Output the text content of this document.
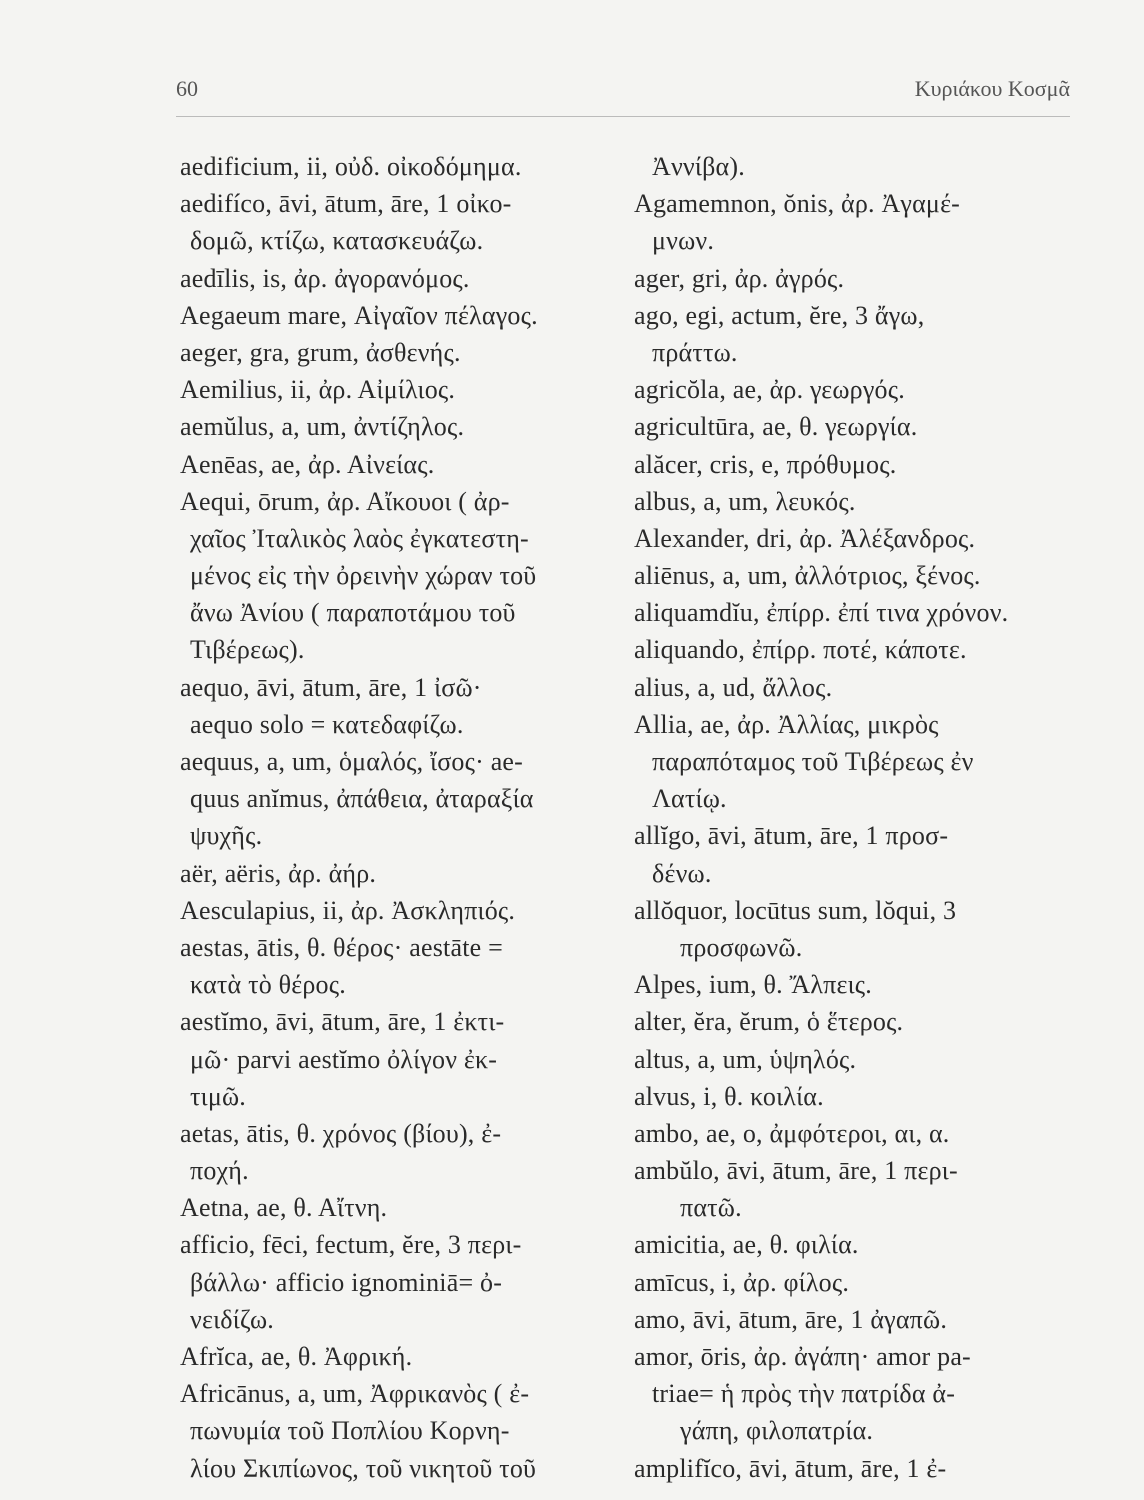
60	Κυριάκου Κοσμᾶ
aedificium, ii, οὐδ. οἰκοδόμημα.
aedifíco, āvi, ātum, āre, 1 οἰκο-
δομῶ, κτίζω, κατασκευάζω.
aedīlis, is, ἀρ. ἀγορανόμος.
Aegaeum mare, Αἰγαῖον πέλαγος.
aeger, gra, grum, ἀσθενής.
Aemilius, ii, ἀρ. Αἰμίλιος.
aemŭlus, a, um, ἀντίζηλος.
Aenēas, ae, ἀρ. Αἰνείας.
Aequi, ōrum, ἀρ. Αἴκουοι ( ἀρ-
χαῖος Ἰταλικὸς λαὸς ἐγκατεστη-
μένος εἰς τὴν ὀρεινὴν χώραν τοῦ
ἄνω Ἀνίου ( παραποτάμου τοῦ
Τιβέρεως).
aequo, āvi, ātum, āre, 1 ἰσῶ·
aequo solo = κατεδαφίζω.
aequus, a, um, ὁμαλός, ἴσος· ae-
quus anĭmus, ἀπάθεια, ἀταραξία
ψυχῆς.
aër, aëris, ἀρ. ἀήρ.
Aesculapius, ii, ἀρ. Ἀσκληπιός.
aestas, ātis, θ. θέρος· aestāte =
κατὰ τὸ θέρος.
aestĭmo, āvi, ātum, āre, 1 ἐκτι-
μῶ· parvi aestĭmo ὀλίγον ἐκ-
τιμῶ.
aetas, ātis, θ. χρόνος (βίου), ἐ-
ποχή.
Aetna, ae, θ. Αἴτνη.
afficio, fēci, fectum, ĕre, 3 περι-
βάλλω· afficio ignominiā= ὀ-
νειδίζω.
Afrĭca, ae, θ. Ἀφρική.
Africānus, a, um, Ἀφρικανὸς ( ἐ-
πωνυμία τοῦ Ποπλίου Κορνη-
λίου Σκιπίωνος, τοῦ νικητοῦ τοῦ
Ἀννίβα).
Agamemnon, ŏnis, ἀρ. Ἀγαμέ-
μνων.
ager, gri, ἀρ. ἀγρός.
ago, egi, actum, ĕre, 3 ἄγω,
πράττω.
agricŏla, ae, ἀρ. γεωργός.
agricultūra, ae, θ. γεωργία.
alăcer, cris, e, πρόθυμος.
albus, a, um, λευκός.
Alexander, dri, ἀρ. Ἀλέξανδρος.
aliēnus, a, um, ἀλλότριος, ξένος.
aliquamdĭu, ἐπίρρ. ἐπί τινα χρόνον.
aliquando, ἐπίρρ. ποτέ, κάποτε.
alius, a, ud, ἄλλος.
Allia, ae, ἀρ. Ἀλλίας, μικρὸς
παραπόταμος τοῦ Τιβέρεως ἐν
Λατίῳ.
allĭgo, āvi, ātum, āre, 1 προσ-
δένω.
allŏquor, locūtus sum, lŏqui, 3
προσφωνῶ.
Alpes, ium, θ. Ἄλπεις.
alter, ĕra, ĕrum, ὁ ἕτερος.
altus, a, um, ὑψηλός.
alvus, i, θ. κοιλία.
ambo, ae, o, ἀμφότεροι, αι, α.
ambŭlo, āvi, ātum, āre, 1 περι-
πατῶ.
amicitia, ae, θ. φιλία.
amīcus, i, ἀρ. φίλος.
amo, āvi, ātum, āre, 1 ἀγαπῶ.
amor, ōris, ἀρ. ἀγάπη· amor pa-
triae= ἡ πρὸς τὴν πατρίδα ἀ-
γάπη, φιλοπατρία.
amplifĭco, āvi, ātum, āre, 1 ἐ-
